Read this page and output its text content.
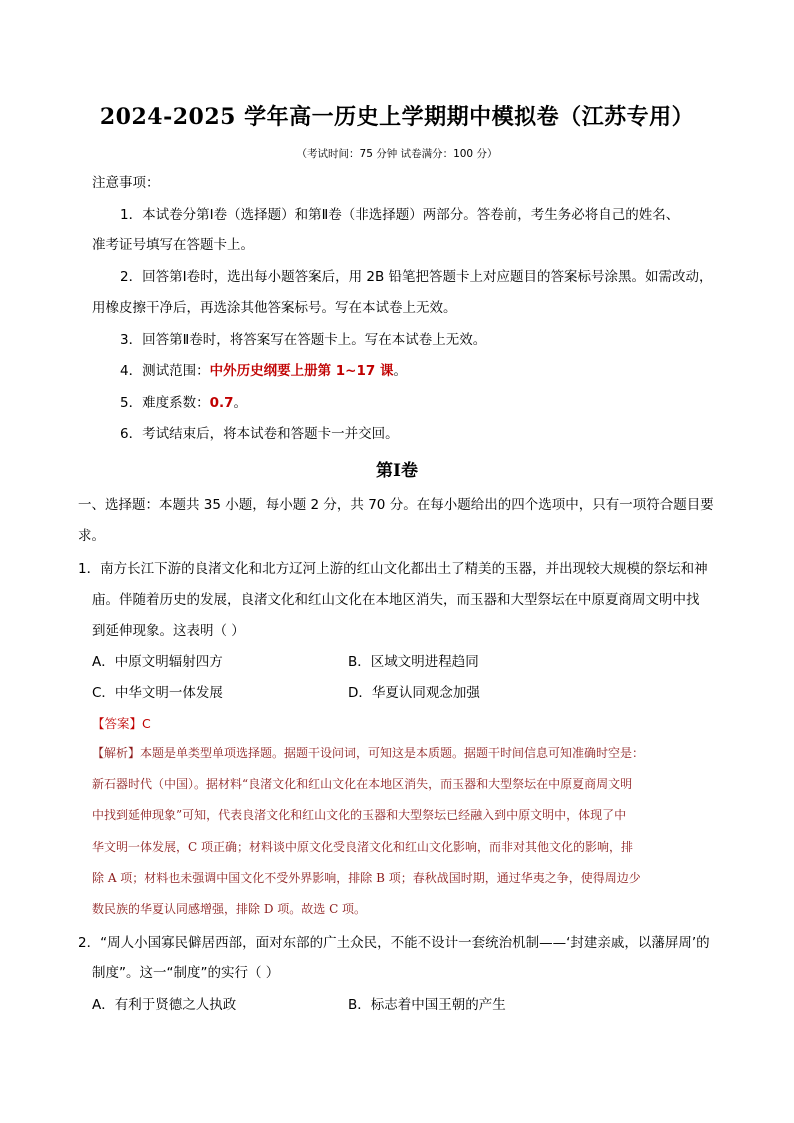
2024-2025 学年高一历史上学期期中模拟卷（江苏专用）
（考试时间：75 分钟 试卷满分：100 分）
注意事项：
1．本试卷分第Ⅰ卷（选择题）和第Ⅱ卷（非选择题）两部分。答卷前，考生务必将自己的姓名、
准考证号填写在答题卡上。
2．回答第Ⅰ卷时，选出每小题答案后，用 2B 铅笔把答题卡上对应题目的答案标号涂黑。如需改动，
用橡皮擦干净后，再选涂其他答案标号。写在本试卷上无效。
3．回答第Ⅱ卷时，将答案写在答题卡上。写在本试卷上无效。
4．测试范围：中外历史纲要上册第 1~17 课。
5．难度系数：0.7。
6．考试结束后，将本试卷和答题卡一并交回。
第Ⅰ卷
一、选择题：本题共 35 小题，每小题 2 分，共 70 分。在每小题给出的四个选项中，只有一项符合题目要
求。
1．南方长江下游的良渚文化和北方辽河上游的红山文化都出土了精美的玉器，并出现较大规模的祭坛和神
庙。伴随着历史的发展，良渚文化和红山文化在本地区消失，而玉器和大型祭坛在中原夏商周文明中找
到延伸现象。这表明（ ）
A．中原文明辐射四方	B．区域文明进程趋同
C．中华文明一体发展	D．华夏认同观念加强
【答案】C
【解析】本题是单类型单项选择题。据题干设问词，可知这是本质题。据题干时间信息可知准确时空是：
新石器时代（中国）。据材料“良渚文化和红山文化在本地区消失，而玉器和大型祭坛在中原夏商周文明
中找到延伸现象”可知，代表良渚文化和红山文化的玉器和大型祭坛已经融入到中原文明中，体现了中
华文明一体发展，C 项正确；材料谈中原文化受良渚文化和红山文化影响，而非对其他文化的影响，排
除 A 项；材料也未强调中国文化不受外界影响，排除 B 项；春秋战国时期，通过华夷之争，使得周边少
数民族的华夏认同感增强，排除 D 项。故选 C 项。
2．“周人小国寡民僻居西部，面对东部的广土众民，不能不设计一套统治机制——‘封建亲戚，以藩屏周’的
制度”。这一“制度”的实行（ ）
A．有利于贤德之人执政	B．标志着中国王朝的产生
